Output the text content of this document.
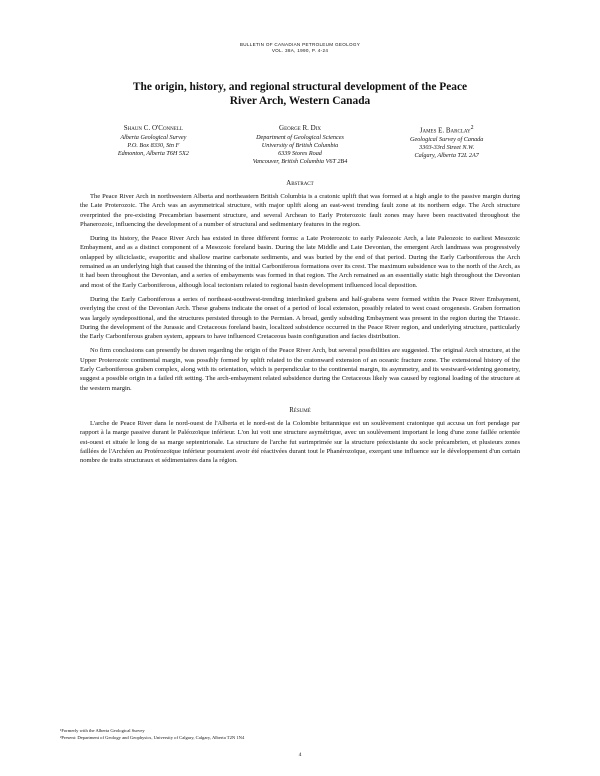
BULLETIN OF CANADIAN PETROLEUM GEOLOGY
VOL. 38A, 1990, P. 4-24
The origin, history, and regional structural development of the Peace River Arch, Western Canada
Shaun C. O'Connell
Alberta Geological Survey
P.O. Box 8330, Stn F
Edmonton, Alberta T6H 5X2
George R. Dix
Department of Geological Sciences
University of British Columbia
6339 Stores Road
Vancouver, British Columbia V6T 2B4
James E. Barclay$^2$
Geological Survey of Canada
3303-33rd Street N.W.
Calgary, Alberta T2L 2A7
Abstract

The Peace River Arch in northwestern Alberta and northeastern British Columbia is a cratonic uplift that was formed at a high angle to the passive margin during the Late Proterozoic. The Arch was an asymmetrical structure, with major uplift along an east-west trending fault zone at its northern edge. The Arch structure overprinted the pre-existing Precambrian basement structure, and several Archean to Early Proterozoic fault zones may have been reactivated throughout the Phanerozoic, influencing the development of a number of structural and sedimentary features in the region.

During its history, the Peace River Arch has existed in three different forms: a Late Proterozoic to early Paleozoic Arch, a late Paleozoic to earliest Mesozoic Embayment, and as a distinct component of a Mesozoic foreland basin. During the late Middle and Late Devonian, the emergent Arch landmass was progressively onlapped by siliciclastic, evaporitic and shallow marine carbonate sediments, and was buried by the end of that period. During the Early Carboniferous the Arch remained as an underlying high that caused the thinning of the initial Carboniferous formations over its crest. The maximum subsidence was to the north of the Arch, as it had been throughout the Devonian, and a series of embayments was formed in that region. The Arch remained as an essentially static high throughout the Devonian and most of the Early Carboniferous, although local tectonism related to regional basin development influenced local deposition.

During the Early Carboniferous a series of northeast-southwest-trending interlinked grabens and half-grabens were formed within the Peace River Embayment, overlying the crest of the Devonian Arch. These grabens indicate the onset of a period of local extension, possibly related to west coast orogenesis. Graben formation was largely syndepositional, and the structures persisted through to the Permian. A broad, gently subsiding Embayment was present in the region during the Triassic. During the development of the Jurassic and Cretaceous foreland basin, localized subsidence occurred in the Peace River region, and underlying structure, particularly the Early Carboniferous graben system, appears to have influenced Cretaceous basin configuration and facies distribution.

No firm conclusions can presently be drawn regarding the origin of the Peace River Arch, but several possibilities are suggested. The original Arch structure, at the Upper Proterozoic continental margin, was possibly formed by uplift related to the cratonward extension of an oceanic fracture zone. The extensional history of the Early Carboniferous graben complex, along with its orientation, which is perpendicular to the continental margin, its asymmetry, and its westward-widening geometry, suggest a possible origin in a failed rift setting. The arch-embayment related subsidence during the Cretaceous likely was caused by regional loading of the structure at the western margin.

Résumé

L'arche de Peace River dans le nord-ouest de l'Alberta et le nord-est de la Colombie britannique est un soulèvement cratonique qui accusa un fort pendage par rapport à la marge passive durant le Paléozoïque inférieur. L'on lui voit une structure asymétrique, avec un soulèvement important le long d'une zone faillée orientée est-ouest et située le long de sa marge septentrionale. La structure de l'arche fut surimprimée sur la structure préexistante du socle précambrien, et plusieurs zones faillées de l'Archéen au Protérozoïque inférieur pourraient avoir été réactivées durant tout le Phanérozoïque, exerçant une influence sur le développement d'un certain nombre de traits structuraux et sédimentaires dans la région.

¹Formerly with the Alberta Geological Survey
²Present: Department of Geology and Geophysics, University of Calgary, Calgary, Alberta T2N 1N4
4
